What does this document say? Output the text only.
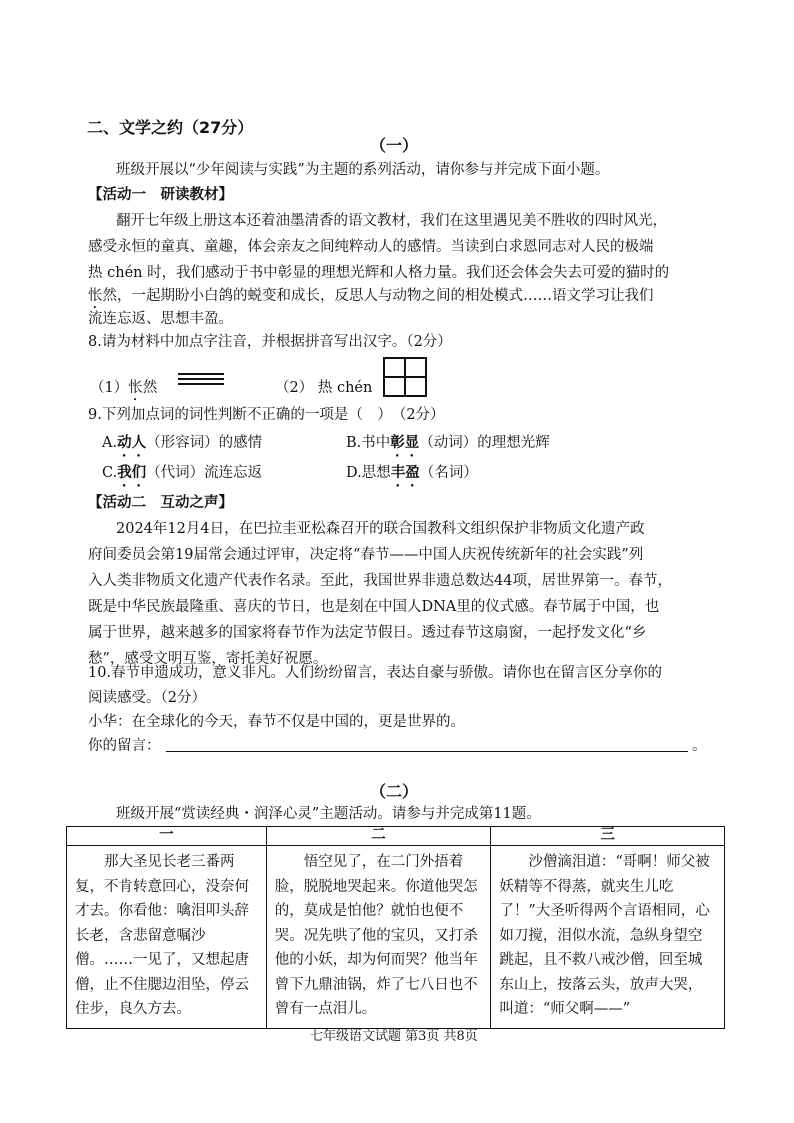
二、文学之约（27分）
（一）
班级开展以“少年阅读与实践”为主题的系列活动，请你参与并完成下面小题。
【活动一　研读教材】
翻开七年级上册这本还着油墨清香的语文教材，我们在这里遇见美不胜收的四时风光，
感受永恒的童真、童趣，体会亲友之间纯粹动人的感情。当读到白求恩同志对人民的极端
热 chén 时，我们感动于书中彰显的理想光辉和人格力量。我们还会体会失去可爱的猫时的
怅然，一起期盼小白鸽的蜕变和成长，反思人与动物之间的相处模式……语文学习让我们
流连忘返、思想丰盈。
8.请为材料中加点字注音，并根据拼音写出汉字。（2分）
（1）怅然	（2） 热 chén
9.下列加点词的词性判断不正确的一项是（　）　（2分）
A.动人（形容词）的感情	B.书中彰显（动词）的理想光辉
C.我们（代词）流连忘返	D.思想丰盈（名词）
【活动二　互动之声】
2024年12月4日，在巴拉圭亚松森召开的联合国教科文组织保护非物质文化遗产政
府间委员会第19届常会通过评审，决定将“春节——中国人庆祝传统新年的社会实践”列
入人类非物质文化遗产代表作名录。至此，我国世界非遗总数达44项，居世界第一。春节，
既是中华民族最隆重、喜庆的节日，也是刻在中国人DNA里的仪式感。春节属于中国，也
属于世界，越来越多的国家将春节作为法定节假日。透过春节这扇窗，一起抒发文化“乡
愁”，感受文明互鉴，寄托美好祝愿。
10.春节申遗成功，意义非凡。人们纷纷留言，表达自豪与骄傲。请你也在留言区分享你的
阅读感受。（2分）
小华：在全球化的今天，春节不仅是中国的，更是世界的。
你的留言：	。
（二）
班级开展“赏读经典・润泽心灵”主题活动。请参与并完成第11题。
一	二	三

那大圣见长老三番两复，不肯转意回心，没奈何才去。你看他：噙泪叩头辞长老，含悲留意嘱沙僧。……一见了，又想起唐僧，止不住腮边泪坠，停云住步，良久方去。	悟空见了，在二门外捂着脸，脱脱地哭起来。你道他哭怎的，莫成是怕他？就怕也便不哭。况先哄了他的宝贝，又打杀他的小妖，却为何而哭？他当年曾下九鼎油锅，炸了七八日也不曾有一点泪儿。	沙僧滴泪道：“哥啊！师父被妖精等不得蒸，就夹生儿吃了！”大圣听得两个言语相同，心如刀搅，泪似水流，急纵身望空跳起，且不救八戒沙僧，回至城东山上，按落云头，放声大哭，叫道：“师父啊——”
七年级语文试题 第3页 共8页
